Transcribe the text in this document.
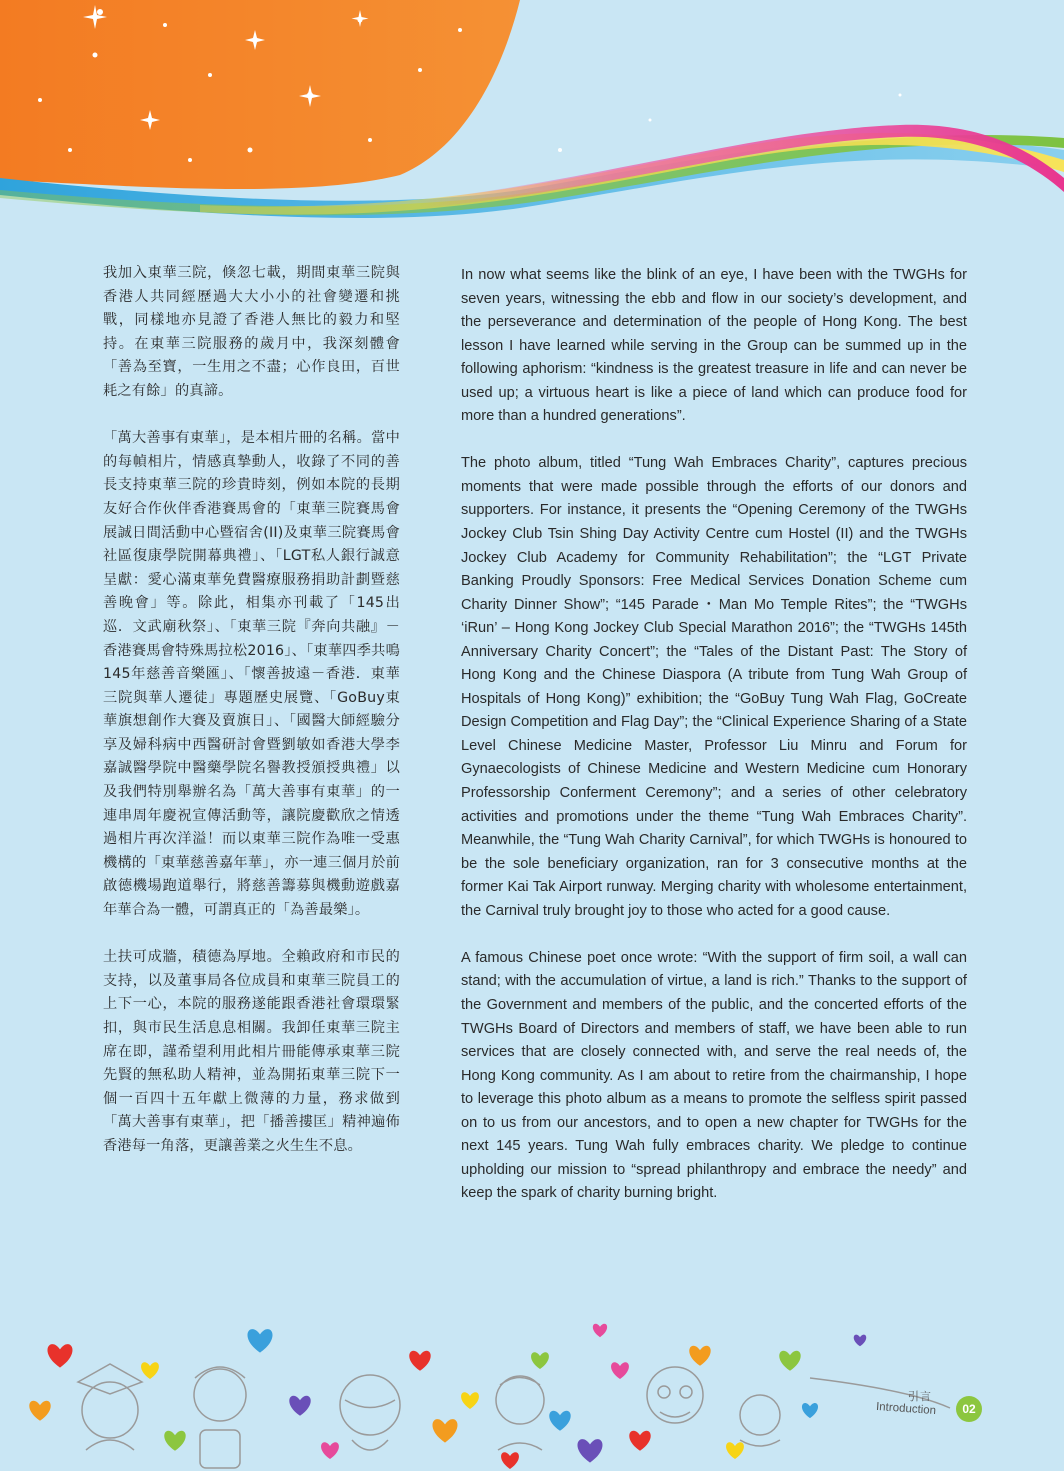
我加入東華三院，倏忽七載，期間東華三院與香港人共同經歷過大大小小的社會變遷和挑戰，同樣地亦見證了香港人無比的毅力和堅持。在東華三院服務的歲月中，我深刻體會「善為至寶，一生用之不盡；心作良田，百世耗之有餘」的真諦。

「萬大善事有東華」，是本相片冊的名稱。當中的每幀相片，情感真摯動人，收錄了不同的善長支持東華三院的珍貴時刻，例如本院的長期友好合作伙伴香港賽馬會的「東華三院賽馬會展誠日間活動中心暨宿舍(II)及東華三院賽馬會社區復康學院開幕典禮」、「LGT私人銀行誠意呈獻：愛心滿東華免費醫療服務捐助計劃暨慈善晚會」等。除此，相集亦刊載了「145出巡．文武廟秋祭」、「東華三院『奔向共融』－香港賽馬會特殊馬拉松2016」、「東華四季共鳴145年慈善音樂匯」、「懷善披遠－香港．東華三院與華人遷徒」專題歷史展覽、「GoBuy東華旗想創作大賽及賣旗日」、「國醫大師經驗分享及婦科病中西醫研討會暨劉敏如香港大學李嘉誠醫學院中醫藥學院名譽教授頒授典禮」以及我們特別舉辦名為「萬大善事有東華」的一連串周年慶祝宣傳活動等，讓院慶歡欣之情透過相片再次洋溢！而以東華三院作為唯一受惠機構的「東華慈善嘉年華」，亦一連三個月於前啟德機場跑道舉行，將慈善籌募與機動遊戲嘉年華合為一體，可謂真正的「為善最樂」。

土扶可成牆，積德為厚地。全賴政府和市民的支持，以及董事局各位成員和東華三院員工的上下一心，本院的服務遂能跟香港社會環環緊扣，與市民生活息息相關。我卸任東華三院主席在即，謹希望利用此相片冊能傳承東華三院先賢的無私助人精神，並為開拓東華三院下一個一百四十五年獻上微薄的力量，務求做到「萬大善事有東華」，把「播善摟匡」精神遍佈香港每一角落，更讓善業之火生生不息。

In now what seems like the blink of an eye, I have been with the TWGHs for seven years, witnessing the ebb and flow in our society’s development, and the perseverance and determination of the people of Hong Kong. The best lesson I have learned while serving in the Group can be summed up in the following aphorism: “kindness is the greatest treasure in life and can never be used up; a virtuous heart is like a piece of land which can produce food for more than a hundred generations”.

The photo album, titled “Tung Wah Embraces Charity”, captures precious moments that were made possible through the efforts of our donors and supporters. For instance, it presents the “Opening Ceremony of the TWGHs Jockey Club Tsin Shing Day Activity Centre cum Hostel (II) and the TWGHs Jockey Club Academy for Community Rehabilitation”; the “LGT Private Banking Proudly Sponsors: Free Medical Services Donation Scheme cum Charity Dinner Show”; “145 Parade・Man Mo Temple Rites”; the “TWGHs ‘iRun’ – Hong Kong Jockey Club Special Marathon 2016”; the “TWGHs 145th Anniversary Charity Concert”; the “Tales of the Distant Past: The Story of Hong Kong and the Chinese Diaspora (A tribute from Tung Wah Group of Hospitals of Hong Kong)” exhibition; the “GoBuy Tung Wah Flag, GoCreate Design Competition and Flag Day”; the “Clinical Experience Sharing of a State Level Chinese Medicine Master, Professor Liu Minru and Forum for Gynaecologists of Chinese Medicine and Western Medicine cum Honorary Professorship Conferment Ceremony”; and a series of other celebratory activities and promotions under the theme “Tung Wah Embraces Charity”. Meanwhile, the “Tung Wah Charity Carnival”, for which TWGHs is honoured to be the sole beneficiary organization, ran for 3 consecutive months at the former Kai Tak Airport runway. Merging charity with wholesome entertainment, the Carnival truly brought joy to those who acted for a good cause.

A famous Chinese poet once wrote: “With the support of firm soil, a wall can stand; with the accumulation of virtue, a land is rich.” Thanks to the support of the Government and members of the public, and the concerted efforts of the TWGHs Board of Directors and members of staff, we have been able to run services that are closely connected with, and serve the real needs of, the Hong Kong community. As I am about to retire from the chairmanship, I hope to leverage this photo album as a means to promote the selfless spirit passed on to us from our ancestors, and to open a new chapter for TWGHs for the next 145 years. Tung Wah fully embraces charity. We pledge to continue upholding our mission to “spread philanthropy and embrace the needy” and keep the spark of charity burning bright.

引言
Introduction	02
